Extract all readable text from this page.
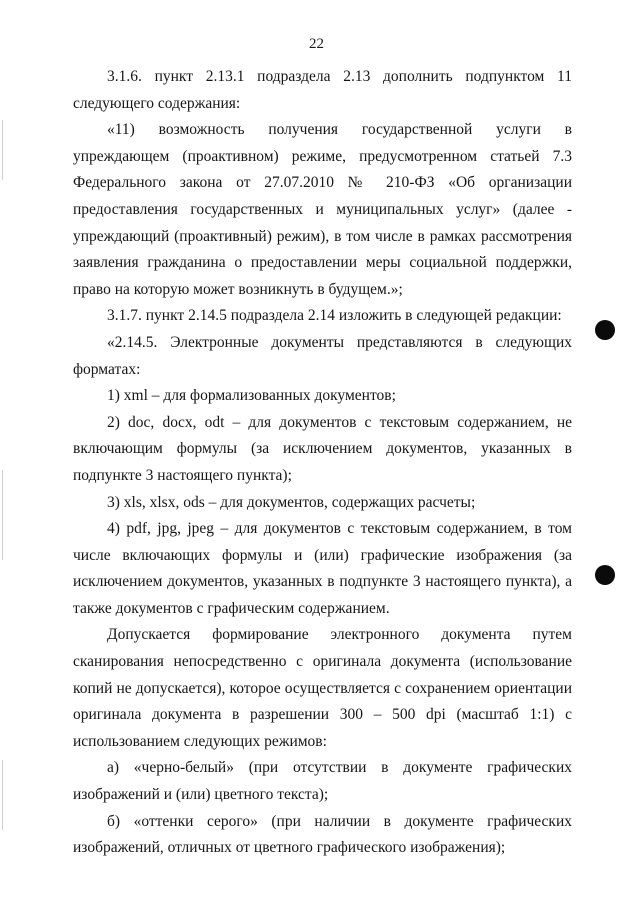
22

3.1.6. пункт 2.13.1 подраздела 2.13 дополнить подпунктом 11 следующего содержания:

«11) возможность получения государственной услуги в упреждающем (проактивном) режиме, предусмотренном статьей 7.3 Федерального закона от 27.07.2010 № 210-ФЗ «Об организации предоставления государственных и муниципальных услуг» (далее - упреждающий (проактивный) режим), в том числе в рамках рассмотрения заявления гражданина о предоставлении меры социальной поддержки, право на которую может возникнуть в будущем.»;

3.1.7. пункт 2.14.5 подраздела 2.14 изложить в следующей редакции:

«2.14.5. Электронные документы представляются в следующих форматах:

1) xml – для формализованных документов;

2) doc, docx, odt – для документов с текстовым содержанием, не включающим формулы (за исключением документов, указанных в подпункте 3 настоящего пункта);

3) xls, xlsx, ods – для документов, содержащих расчеты;

4) pdf, jpg, jpeg – для документов с текстовым содержанием, в том числе включающих формулы и (или) графические изображения (за исключением документов, указанных в подпункте 3 настоящего пункта), а также документов с графическим содержанием.

Допускается формирование электронного документа путем сканирования непосредственно с оригинала документа (использование копий не допускается), которое осуществляется с сохранением ориентации оригинала документа в разрешении 300 – 500 dpi (масштаб 1:1) с использованием следующих режимов:

а) «черно-белый» (при отсутствии в документе графических изображений и (или) цветного текста);

б) «оттенки серого» (при наличии в документе графических изображений, отличных от цветного графического изображения);
